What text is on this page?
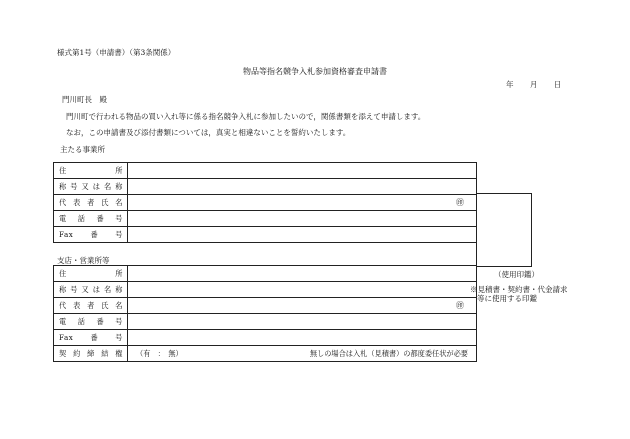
様式第1号（申請書）（第3条関係）
物品等指名競争入札参加資格審査申請書
年 月 日
門川町長　殿
門川町で行われる物品の買い入れ等に係る指名競争入札に参加したいので，関係書類を添えて申請します。
なお，この申請書及び添付書類については，真実と相違ないことを誓約いたします。
主たる事業所
住　　　所	
称号又は名称	
代表者氏名	㊞

電話番号	
Fax番号	
（使用印鑑）
※見積書・契約書・代金請求
等に使用する印鑑
支店・営業所等
住　　　所	
称号又は名称	
代表者氏名	㊞

電話番号	
Fax番号	
契約締結権	（有　：　無） 無しの場合は入札（見積書）の都度委任状が必要
